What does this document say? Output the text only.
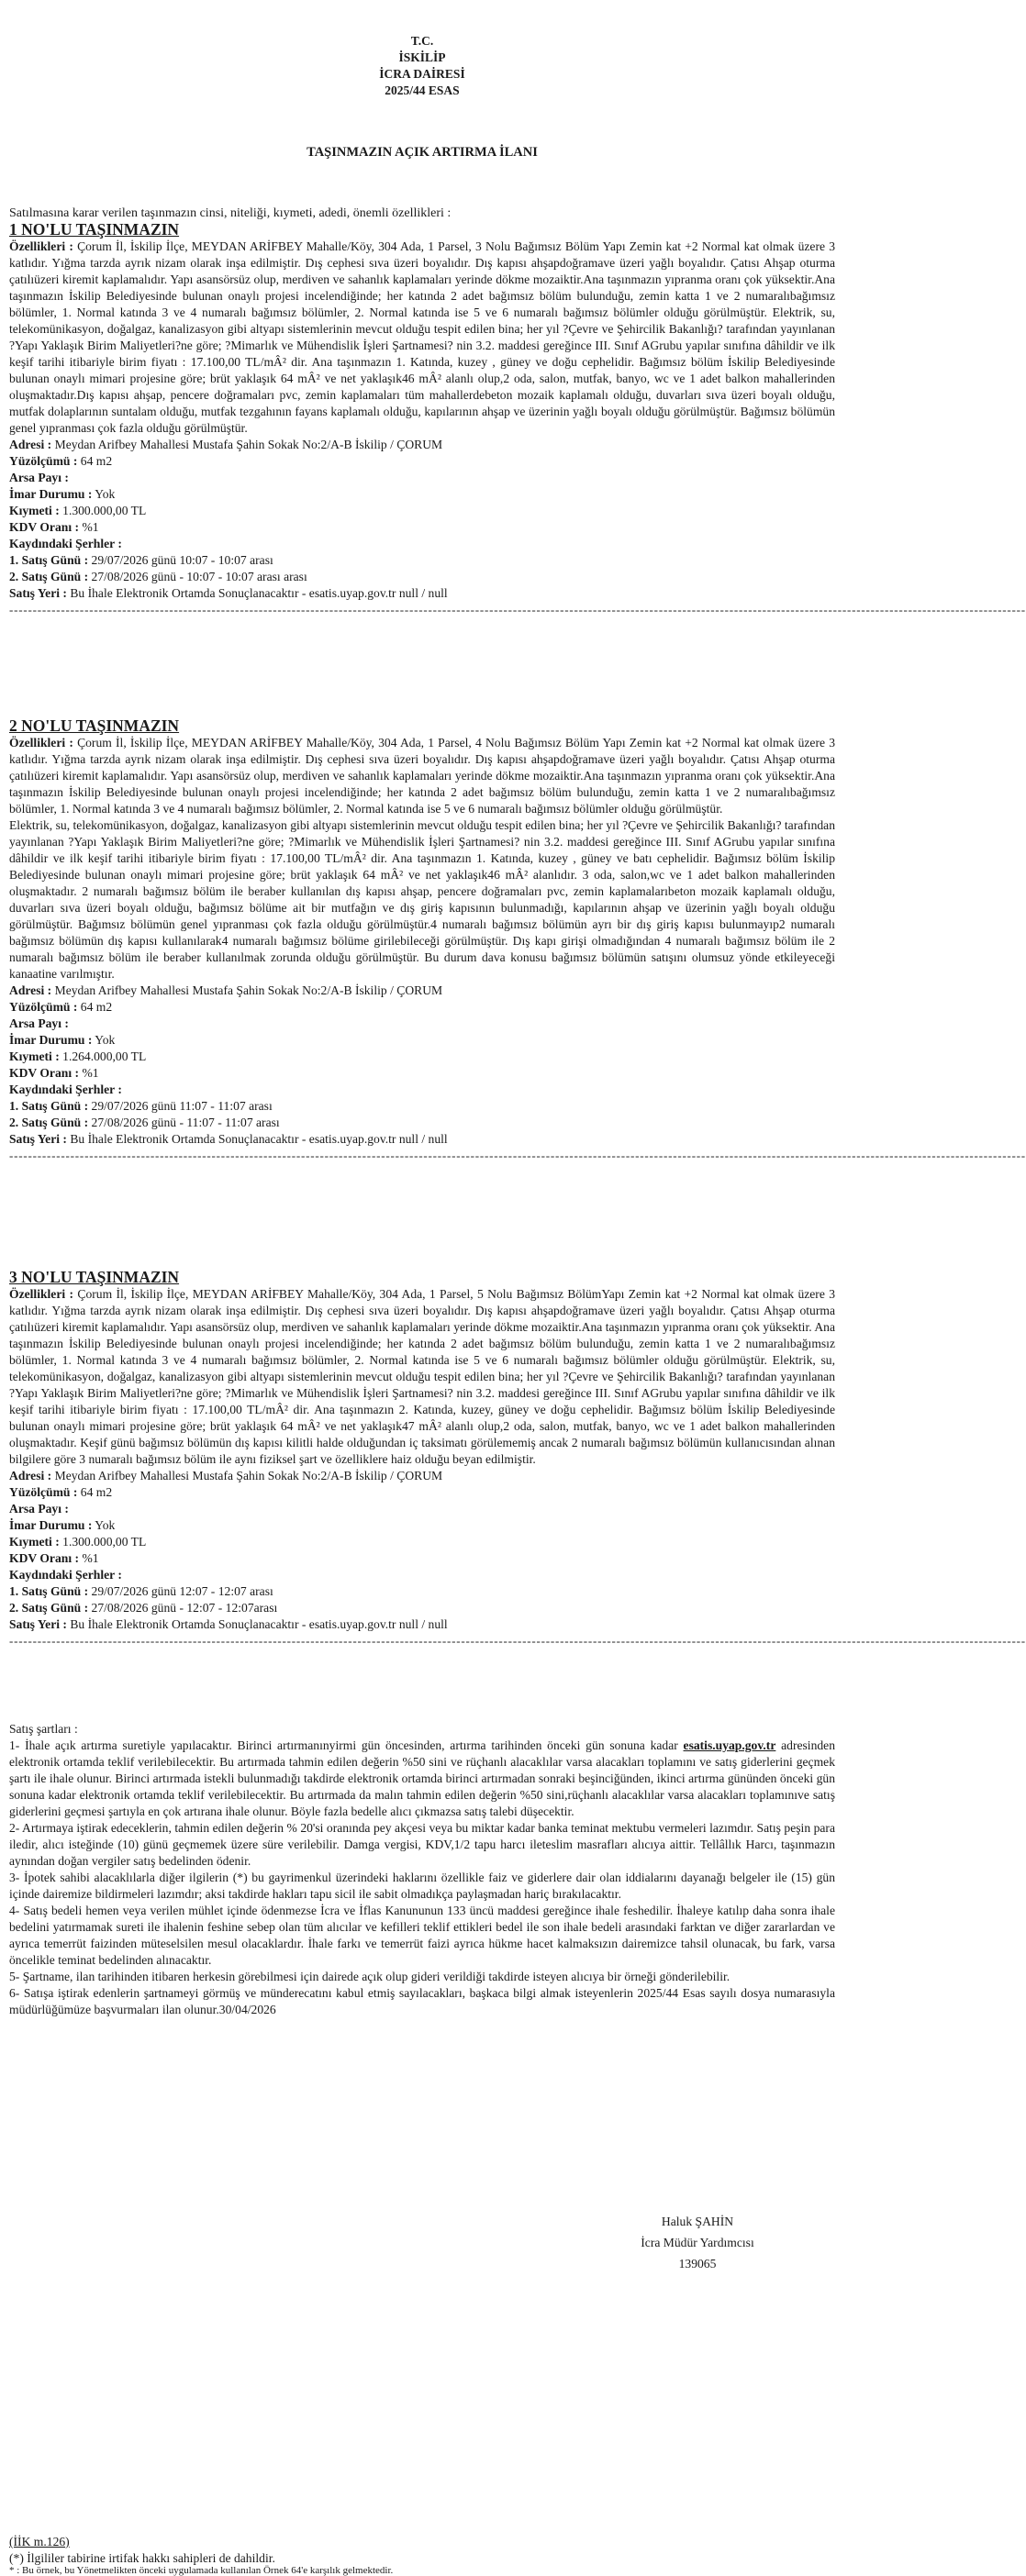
T.C.
İSKİLİP
İCRA DAİRESİ
2025/44 ESAS
TAŞINMAZIN AÇIK ARTIRMA İLANI
Satılmasına karar verilen taşınmazın cinsi, niteliği, kıymeti, adedi, önemli özellikleri :

1 NO'LU TAŞINMAZIN

Özellikleri : Çorum İl, İskilip İlçe, MEYDAN ARİFBEY Mahalle/Köy, 304 Ada, 1 Parsel, 3 Nolu Bağımsız Bölüm Yapı Zemin kat +2 Normal kat olmak üzere 3 katlıdır. Yığma tarzda ayrık nizam olarak inşa edilmiştir. Dış cephesi sıva üzeri boyalıdır. Dış kapısı ahşapdoğramave üzeri yağlı boyalıdır. Çatısı Ahşap oturma çatılıüzeri kiremit kaplamalıdır. Yapı asansörsüz olup, merdiven ve sahanlık kaplamaları yerinde dökme mozaiktir.Ana taşınmazın yıpranma oranı çok yüksektir.Ana taşınmazın İskilip Belediyesinde bulunan onaylı projesi incelendiğinde; her katında 2 adet bağımsız bölüm bulunduğu, zemin katta 1 ve 2 numaralıbağımsız bölümler, 1. Normal katında 3 ve 4 numaralı bağımsız bölümler, 2. Normal katında ise 5 ve 6 numaralı bağımsız bölümler olduğu görülmüştür. Elektrik, su, telekomünikasyon, doğalgaz, kanalizasyon gibi altyapı sistemlerinin mevcut olduğu tespit edilen bina; her yıl ?Çevre ve Şehircilik Bakanlığı? tarafından yayınlanan ?Yapı Yaklaşık Birim Maliyetleri?ne göre; ?Mimarlık ve Mühendislik İşleri Şartnamesi? nin 3.2. maddesi gereğince III. Sınıf AGrubu yapılar sınıfına dâhildir ve ilk keşif tarihi itibariyle birim fiyatı : 17.100,00 TL/mÂ² dir. Ana taşınmazın 1. Katında, kuzey , güney ve doğu cephelidir. Bağımsız bölüm İskilip Belediyesinde bulunan onaylı mimari projesine göre; brüt yaklaşık 64 mÂ² ve net yaklaşık46 mÂ² alanlı olup,2 oda, salon, mutfak, banyo, wc ve 1 adet balkon mahallerinden oluşmaktadır.Dış kapısı ahşap, pencere doğramaları pvc, zemin kaplamaları tüm mahallerdebeton mozaik kaplamalı olduğu, duvarları sıva üzeri boyalı olduğu, mutfak dolaplarının suntalam olduğu, mutfak tezgahının fayans kaplamalı olduğu, kapılarının ahşap ve üzerinin yağlı boyalı olduğu görülmüştür. Bağımsız bölümün genel yıpranması çok fazla olduğu görülmüştür.

Adresi : Meydan Arifbey Mahallesi Mustafa Şahin Sokak No:2/A-B İskilip / ÇORUM

Yüzölçümü : 64 m2

Arsa Payı :

İmar Durumu : Yok

Kıymeti : 1.300.000,00 TL

KDV Oranı : %1

Kaydındaki Şerhler :

1. Satış Günü : 29/07/2026 günü 10:07 - 10:07 arası

2. Satış Günü : 27/08/2026 günü - 10:07 - 10:07 arası arası

Satış Yeri : Bu İhale Elektronik Ortamda Sonuçlanacaktır - esatis.uyap.gov.tr null / null

------------------------------------------------------------------------------------------------------------------------------------------------------------------------------------------------------------------------

2 NO'LU TAŞINMAZIN

Özellikleri : Çorum İl, İskilip İlçe, MEYDAN ARİFBEY Mahalle/Köy, 304 Ada, 1 Parsel, 4 Nolu Bağımsız Bölüm Yapı Zemin kat +2 Normal kat olmak üzere 3 katlıdır. Yığma tarzda ayrık nizam olarak inşa edilmiştir. Dış cephesi sıva üzeri boyalıdır. Dış kapısı ahşapdoğramave üzeri yağlı boyalıdır. Çatısı Ahşap oturma çatılıüzeri kiremit kaplamalıdır. Yapı asansörsüz olup, merdiven ve sahanlık kaplamaları yerinde dökme mozaiktir.Ana taşınmazın yıpranma oranı çok yüksektir.Ana taşınmazın İskilip Belediyesinde bulunan onaylı projesi incelendiğinde; her katında 2 adet bağımsız bölüm bulunduğu, zemin katta 1 ve 2 numaralıbağımsız bölümler, 1. Normal katında 3 ve 4 numaralı bağımsız bölümler, 2. Normal katında ise 5 ve 6 numaralı bağımsız bölümler olduğu görülmüştür.

Elektrik, su, telekomünikasyon, doğalgaz, kanalizasyon gibi altyapı sistemlerinin mevcut olduğu tespit edilen bina; her yıl ?Çevre ve Şehircilik Bakanlığı? tarafından yayınlanan ?Yapı Yaklaşık Birim Maliyetleri?ne göre; ?Mimarlık ve Mühendislik İşleri Şartnamesi? nin 3.2. maddesi gereğince III. Sınıf AGrubu yapılar sınıfına dâhildir ve ilk keşif tarihi itibariyle birim fiyatı : 17.100,00 TL/mÂ² dir. Ana taşınmazın 1. Katında, kuzey , güney ve batı cephelidir. Bağımsız bölüm İskilip Belediyesinde bulunan onaylı mimari projesine göre; brüt yaklaşık 64 mÂ² ve net yaklaşık46 mÂ² alanlıdır. 3 oda, salon,wc ve 1 adet balkon mahallerinden oluşmaktadır. 2 numaralı bağımsız bölüm ile beraber kullanılan dış kapısı ahşap, pencere doğramaları pvc, zemin kaplamalarıbeton mozaik kaplamalı olduğu, duvarları sıva üzeri boyalı olduğu, bağımsız bölüme ait bir mutfağın ve dış giriş kapısının bulunmadığı, kapılarının ahşap ve üzerinin yağlı boyalı olduğu görülmüştür. Bağımsız bölümün genel yıpranması çok fazla olduğu görülmüştür.4 numaralı bağımsız bölümün ayrı bir dış giriş kapısı bulunmayıp2 numaralı bağımsız bölümün dış kapısı kullanılarak4 numaralı bağımsız bölüme girilebileceği görülmüştür. Dış kapı girişi olmadığından 4 numaralı bağımsız bölüm ile 2 numaralı bağımsız bölüm ile beraber kullanılmak zorunda olduğu görülmüştür. Bu durum dava konusu bağımsız bölümün satışını olumsuz yönde etkileyeceği kanaatine varılmıştır.

Adresi : Meydan Arifbey Mahallesi Mustafa Şahin Sokak No:2/A-B İskilip / ÇORUM

Yüzölçümü : 64 m2

Arsa Payı :

İmar Durumu : Yok

Kıymeti : 1.264.000,00 TL

KDV Oranı : %1

Kaydındaki Şerhler :

1. Satış Günü : 29/07/2026 günü 11:07 - 11:07 arası

2. Satış Günü : 27/08/2026 günü - 11:07 - 11:07 arası

Satış Yeri : Bu İhale Elektronik Ortamda Sonuçlanacaktır - esatis.uyap.gov.tr null / null

------------------------------------------------------------------------------------------------------------------------------------------------------------------------------------------------------------------------

3 NO'LU TAŞINMAZIN

Özellikleri : Çorum İl, İskilip İlçe, MEYDAN ARİFBEY Mahalle/Köy, 304 Ada, 1 Parsel, 5 Nolu Bağımsız BölümYapı Zemin kat +2 Normal kat olmak üzere 3 katlıdır. Yığma tarzda ayrık nizam olarak inşa edilmiştir. Dış cephesi sıva üzeri boyalıdır. Dış kapısı ahşapdoğramave üzeri yağlı boyalıdır. Çatısı Ahşap oturma çatılıüzeri kiremit kaplamalıdır. Yapı asansörsüz olup, merdiven ve sahanlık kaplamaları yerinde dökme mozaiktir.Ana taşınmazın yıpranma oranı çok yüksektir. Ana taşınmazın İskilip Belediyesinde bulunan onaylı projesi incelendiğinde; her katında 2 adet bağımsız bölüm bulunduğu, zemin katta 1 ve 2 numaralıbağımsız bölümler, 1. Normal katında 3 ve 4 numaralı bağımsız bölümler, 2. Normal katında ise 5 ve 6 numaralı bağımsız bölümler olduğu görülmüştür. Elektrik, su, telekomünikasyon, doğalgaz, kanalizasyon gibi altyapı sistemlerinin mevcut olduğu tespit edilen bina; her yıl ?Çevre ve Şehircilik Bakanlığı? tarafından yayınlanan ?Yapı Yaklaşık Birim Maliyetleri?ne göre; ?Mimarlık ve Mühendislik İşleri Şartnamesi? nin 3.2. maddesi gereğince III. Sınıf AGrubu yapılar sınıfına dâhildir ve ilk keşif tarihi itibariyle birim fiyatı : 17.100,00 TL/mÂ² dir. Ana taşınmazın 2. Katında, kuzey, güney ve doğu cephelidir. Bağımsız bölüm İskilip Belediyesinde bulunan onaylı mimari projesine göre; brüt yaklaşık 64 mÂ² ve net yaklaşık47 mÂ² alanlı olup,2 oda, salon, mutfak, banyo, wc ve 1 adet balkon mahallerinden oluşmaktadır. Keşif günü bağımsız bölümün dış kapısı kilitli halde olduğundan iç taksimatı görülememiş ancak 2 numaralı bağımsız bölümün kullanıcısından alınan bilgilere göre 3 numaralı bağımsız bölüm ile aynı fiziksel şart ve özelliklere haiz olduğu beyan edilmiştir.

Adresi : Meydan Arifbey Mahallesi Mustafa Şahin Sokak No:2/A-B İskilip / ÇORUM

Yüzölçümü : 64 m2

Arsa Payı :

İmar Durumu : Yok

Kıymeti : 1.300.000,00 TL

KDV Oranı : %1

Kaydındaki Şerhler :

1. Satış Günü : 29/07/2026 günü 12:07 - 12:07 arası

2. Satış Günü : 27/08/2026 günü - 12:07 - 12:07arası

Satış Yeri : Bu İhale Elektronik Ortamda Sonuçlanacaktır - esatis.uyap.gov.tr null / null

------------------------------------------------------------------------------------------------------------------------------------------------------------------------------------------------------------------------

Satış şartları :

1- İhale açık artırma suretiyle yapılacaktır. Birinci artırmanınyirmi gün öncesinden, artırma tarihinden önceki gün sonuna kadar esatis.uyap.gov.tr adresinden elektronik ortamda teklif verilebilecektir. Bu artırmada tahmin edilen değerin %50 sini ve rüçhanlı alacaklılar varsa alacakları toplamını ve satış giderlerini geçmek şartı ile ihale olunur. Birinci artırmada istekli bulunmadığı takdirde elektronik ortamda birinci artırmadan sonraki beşinciğünden, ikinci artırma gününden önceki gün sonuna kadar elektronik ortamda teklif verilebilecektir. Bu artırmada da malın tahmin edilen değerin %50 sini,rüçhanlı alacaklılar varsa alacakları toplamınıve satış giderlerini geçmesi şartıyla en çok artırana ihale olunur. Böyle fazla bedelle alıcı çıkmazsa satış talebi düşecektir.

2- Artırmaya iştirak edeceklerin, tahmin edilen değerin % 20'si oranında pey akçesi veya bu miktar kadar banka teminat mektubu vermeleri lazımdır. Satış peşin para iledir, alıcı isteğinde (10) günü geçmemek üzere süre verilebilir. Damga vergisi, KDV,1/2 tapu harcı ileteslim masrafları alıcıya aittir. Tellâllık Harcı, taşınmazın aynından doğan vergiler satış bedelinden ödenir.

3- İpotek sahibi alacaklılarla diğer ilgilerin (*) bu gayrimenkul üzerindeki haklarını özellikle faiz ve giderlere dair olan iddialarını dayanağı belgeler ile (15) gün içinde dairemize bildirmeleri lazımdır; aksi takdirde hakları tapu sicil ile sabit olmadıkça paylaşmadan hariç bırakılacaktır.

4- Satış bedeli hemen veya verilen mühlet içinde ödenmezse İcra ve İflas Kanununun 133 üncü maddesi gereğince ihale feshedilir. İhaleye katılıp daha sonra ihale bedelini yatırmamak sureti ile ihalenin feshine sebep olan tüm alıcılar ve kefilleri teklif ettikleri bedel ile son ihale bedeli arasındaki farktan ve diğer zararlardan ve ayrıca temerrüt faizinden müteselsilen mesul olacaklardır. İhale farkı ve temerrüt faizi ayrıca hükme hacet kalmaksızın dairemizce tahsil olunacak, bu fark, varsa öncelikle teminat bedelinden alınacaktır.

5- Şartname, ilan tarihinden itibaren herkesin görebilmesi için dairede açık olup gideri verildiği takdirde isteyen alıcıya bir örneği gönderilebilir.

6- Satışa iştirak edenlerin şartnameyi görmüş ve münderecatını kabul etmiş sayılacakları, başkaca bilgi almak isteyenlerin 2025/44 Esas sayılı dosya numarasıyla müdürlüğümüze başvurmaları ilan olunur.30/04/2026

Haluk ŞAHİN
İcra Müdür Yardımcısı
139065
(İİK m.126)
(*) İlgililer tabirine irtifak hakkı sahipleri de dahildir.
* : Bu örnek, bu Yönetmelikten önceki uygulamada kullanılan Örnek 64'e karşılık gelmektedir.
